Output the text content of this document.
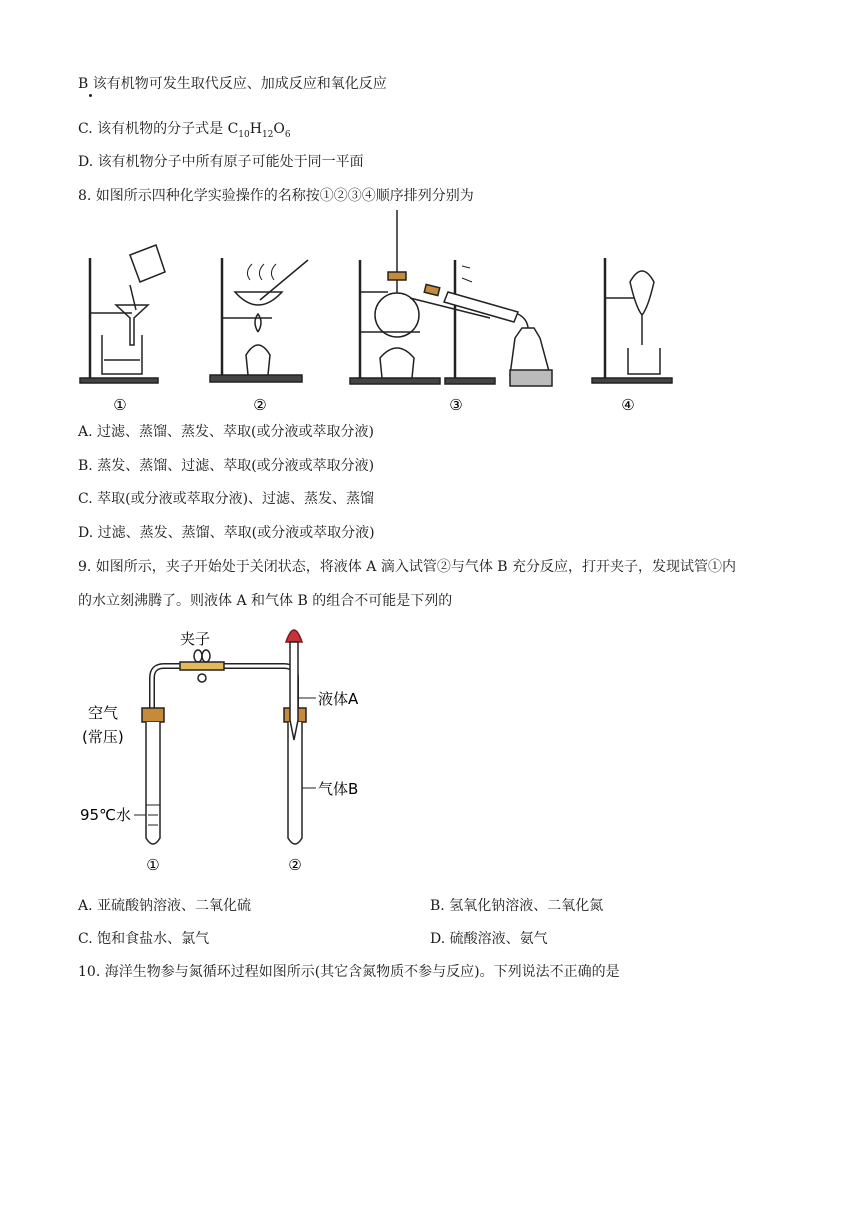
B 该有机物可发生取代反应、加成反应和氧化反应
C. 该有机物的分子式是 $C_{10}H_{12}O_6$
D. 该有机物分子中所有原子可能处于同一平面
8. 如图所示四种化学实验操作的名称按①②③④顺序排列分别为
①	②	③	④
A. 过滤、蒸馏、蒸发、萃取(或分液或萃取分液)
B. 蒸发、蒸馏、过滤、萃取(或分液或萃取分液)
C. 萃取(或分液或萃取分液)、过滤、蒸发、蒸馏
D. 过滤、蒸发、蒸馏、萃取(或分液或萃取分液)
9. 如图所示，夹子开始处于关闭状态，将液体 A 滴入试管②与气体 B 充分反应，打开夹子，发现试管①内
的水立刻沸腾了。则液体 A 和气体 B 的组合不可能是下列的
夹子
空气
(常压)
95℃水
液体A
气体B
①	②
A. 亚硫酸钠溶液、二氧化硫	B. 氢氧化钠溶液、二氧化氮
C. 饱和食盐水、氯气	D. 硫酸溶液、氨气
10. 海洋生物参与氮循环过程如图所示(其它含氮物质不参与反应)。下列说法不正确的是
